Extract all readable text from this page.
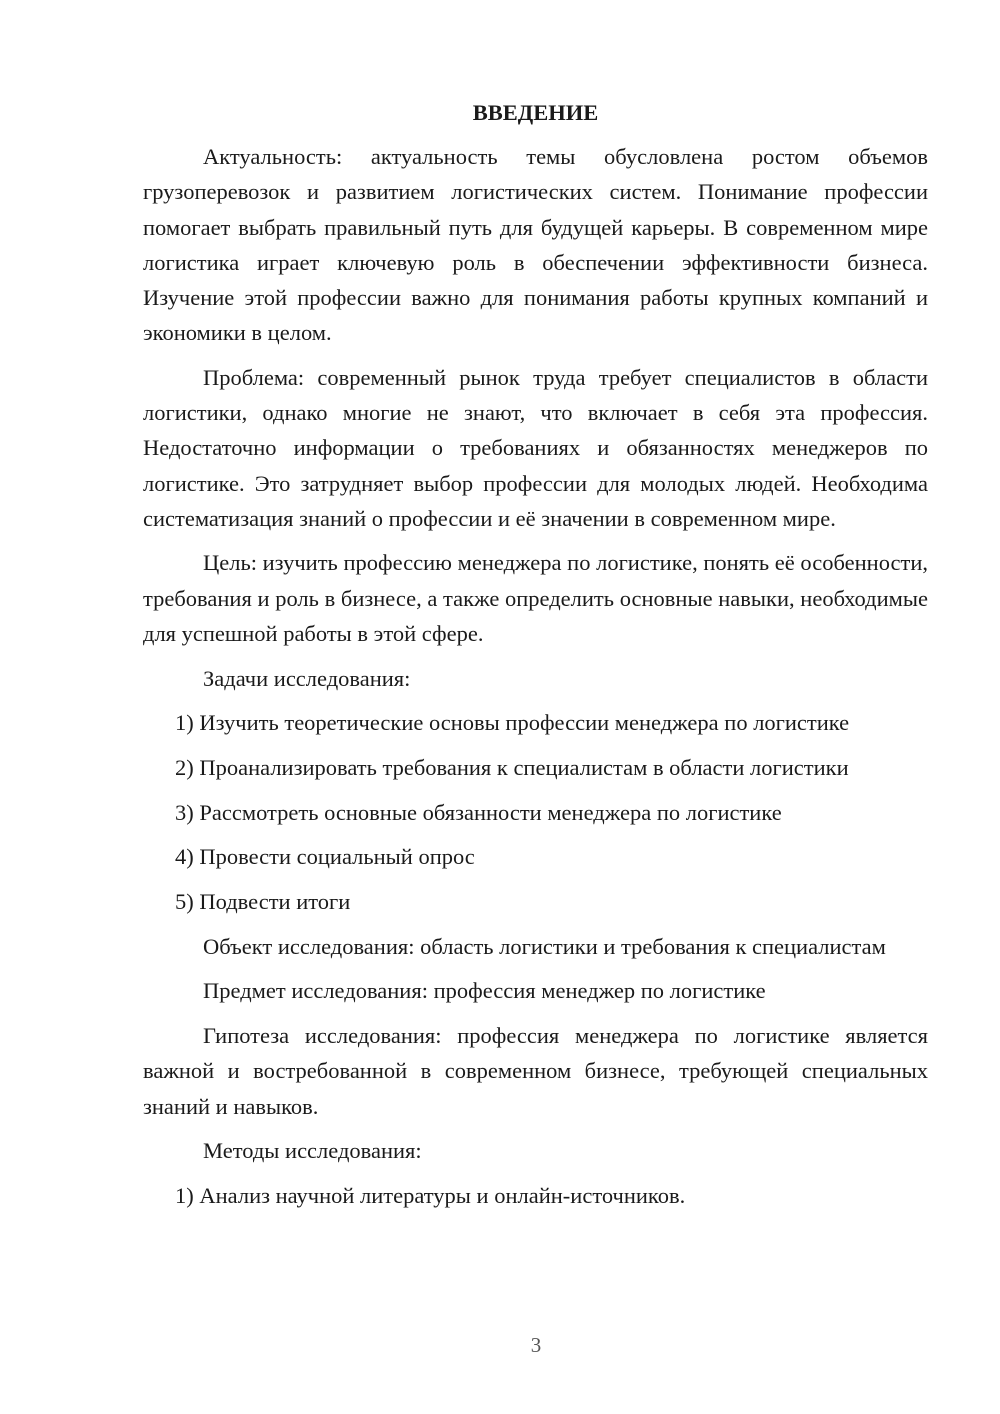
ВВЕДЕНИЕ

Актуальность: актуальность темы обусловлена ростом объемов грузоперевозок и развитием логистических систем. Понимание профессии помогает выбрать правильный путь для будущей карьеры. В современном мире логистика играет ключевую роль в обеспечении эффективности бизнеса. Изучение этой профессии важно для понимания работы крупных компаний и экономики в целом.

Проблема: современный рынок труда требует специалистов в области логистики, однако многие не знают, что включает в себя эта профессия. Недостаточно информации о требованиях и обязанностях менеджеров по логистике. Это затрудняет выбор профессии для молодых людей. Необходима систематизация знаний о профессии и её значении в современном мире.

Цель: изучить профессию менеджера по логистике, понять её особенности, требования и роль в бизнесе, а также определить основные навыки, необходимые для успешной работы в этой сфере.

Задачи исследования:

1) Изучить теоретические основы профессии менеджера по логистике

2) Проанализировать требования к специалистам в области логистики

3) Рассмотреть основные обязанности менеджера по логистике

4) Провести социальный опрос

5) Подвести итоги

Объект исследования: область логистики и требования к специалистам

Предмет исследования: профессия менеджер по логистике

Гипотеза исследования: профессия менеджера по логистике является важной и востребованной в современном бизнесе, требующей специальных знаний и навыков.

Методы исследования:

1) Анализ научной литературы и онлайн-источников.

3
